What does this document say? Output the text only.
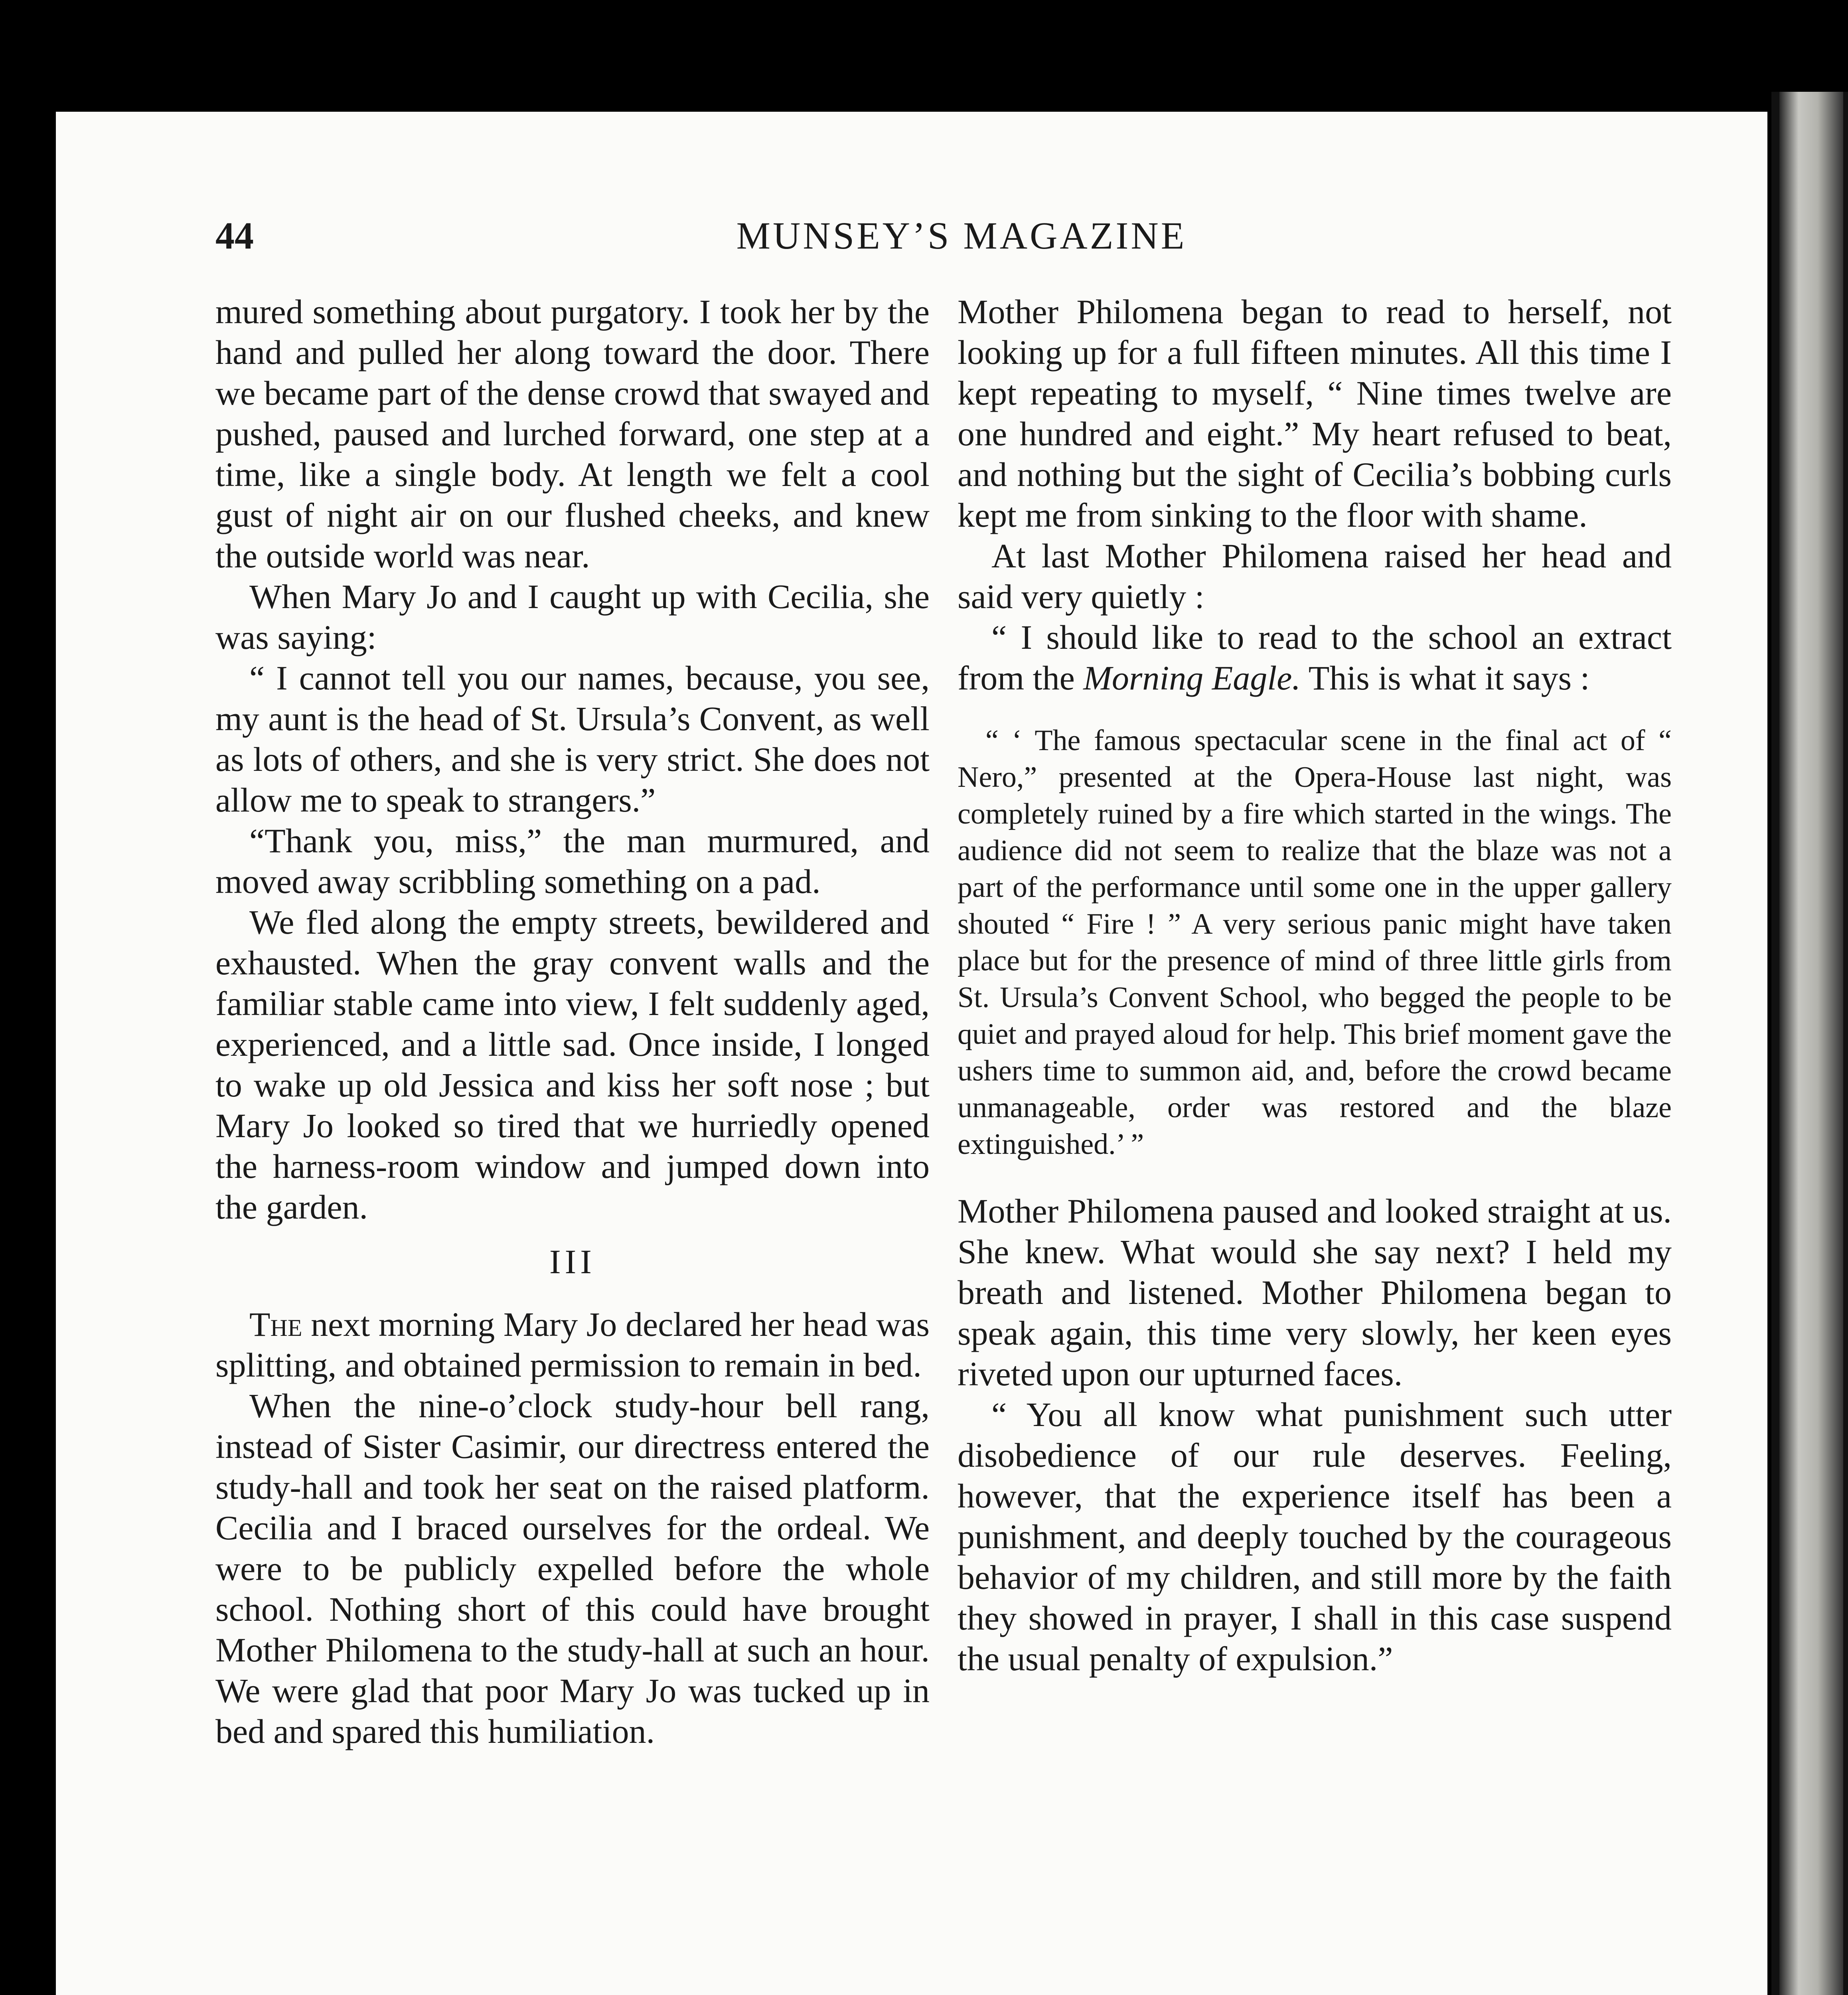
44	MUNSEY’S MAGAZINE

mured something about purgatory. I took her by the hand and pulled her along toward the door. There we became part of the dense crowd that swayed and pushed, paused and lurched forward, one step at a time, like a single body. At length we felt a cool gust of night air on our flushed cheeks, and knew the outside world was near.

When Mary Jo and I caught up with Cecilia, she was saying:

“ I cannot tell you our names, because, you see, my aunt is the head of St. Ursula’s Convent, as well as lots of others, and she is very strict. She does not allow me to speak to strangers.”

“Thank you, miss,” the man murmured, and moved away scribbling something on a pad.

We fled along the empty streets, bewildered and exhausted. When the gray convent walls and the familiar stable came into view, I felt suddenly aged, experienced, and a little sad. Once inside, I longed to wake up old Jessica and kiss her soft nose ; but Mary Jo looked so tired that we hurriedly opened the harness-room window and jumped down into the garden.

III

The next morning Mary Jo declared her head was splitting, and obtained permission to remain in bed.

When the nine-o’clock study-hour bell rang, instead of Sister Casimir, our directress entered the study-hall and took her seat on the raised platform. Cecilia and I braced ourselves for the ordeal. We were to be publicly expelled before the whole school. Nothing short of this could have brought Mother Philomena to the study-hall at such an hour. We were glad that poor Mary Jo was tucked up in bed and spared this humiliation.

Mother Philomena began to read to herself, not looking up for a full fifteen minutes. All this time I kept repeating to myself, “ Nine times twelve are one hundred and eight.” My heart refused to beat, and nothing but the sight of Cecilia’s bobbing curls kept me from sinking to the floor with shame.

At last Mother Philomena raised her head and said very quietly :

“ I should like to read to the school an extract from the Morning Eagle. This is what it says :

“ ‘ The famous spectacular scene in the final act of “ Nero,” presented at the Opera-House last night, was completely ruined by a fire which started in the wings. The audience did not seem to realize that the blaze was not a part of the performance until some one in the upper gallery shouted “ Fire ! ” A very serious panic might have taken place but for the presence of mind of three little girls from St. Ursula’s Convent School, who begged the people to be quiet and prayed aloud for help. This brief moment gave the ushers time to summon aid, and, before the crowd became unmanageable, order was restored and the blaze extinguished.’ ”

Mother Philomena paused and looked straight at us. She knew. What would she say next? I held my breath and listened. Mother Philomena began to speak again, this time very slowly, her keen eyes riveted upon our upturned faces.

“ You all know what punishment such utter disobedience of our rule deserves. Feeling, however, that the experience itself has been a punishment, and deeply touched by the courageous behavior of my children, and still more by the faith they showed in prayer, I shall in this case suspend the usual penalty of expulsion.”
